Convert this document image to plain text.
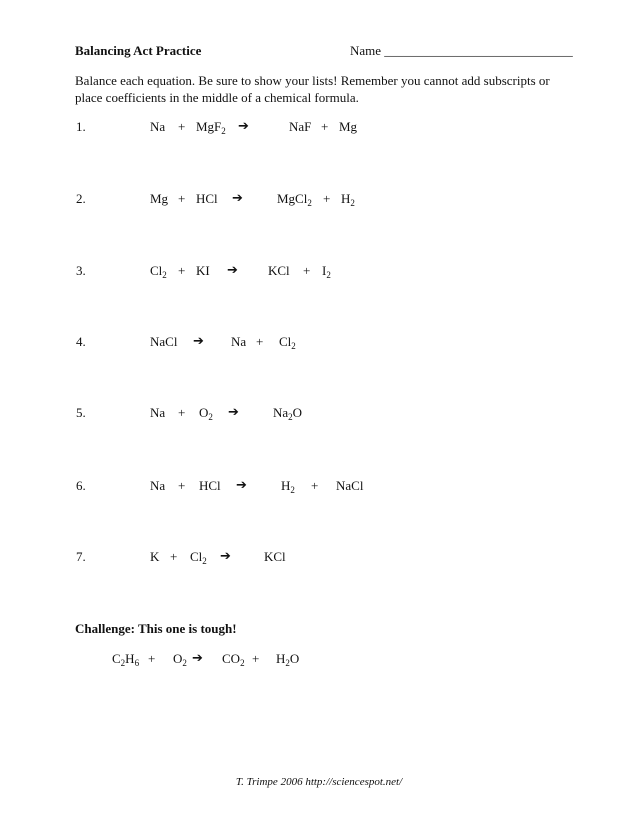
Balancing Act Practice	Name _____________________________
Balance each equation. Be sure to show your lists! Remember you cannot add subscripts or place coefficients in the middle of a chemical formula.
1.	Na + MgF$_2$ ➔	NaF + Mg
2.	Mg + HCl ➔	MgCl$_2$ + $H_2$
3.	$Cl_2$ + KI ➔ KCl + $I_2$
4.	NaCl ➔ $Na + Cl_2$
5.	$Na + O_2$ ➔	$Na_2O$
6.	Na + HCl ➔	$H_2$ + NaCl
7.	$K + Cl_2$ ➔	KCl
Challenge: This one is tough!
$C_2H_6 + O_2$ ➔ $CO_2 + H_2O$
T. Trimpe 2006 http://sciencespot.net/
